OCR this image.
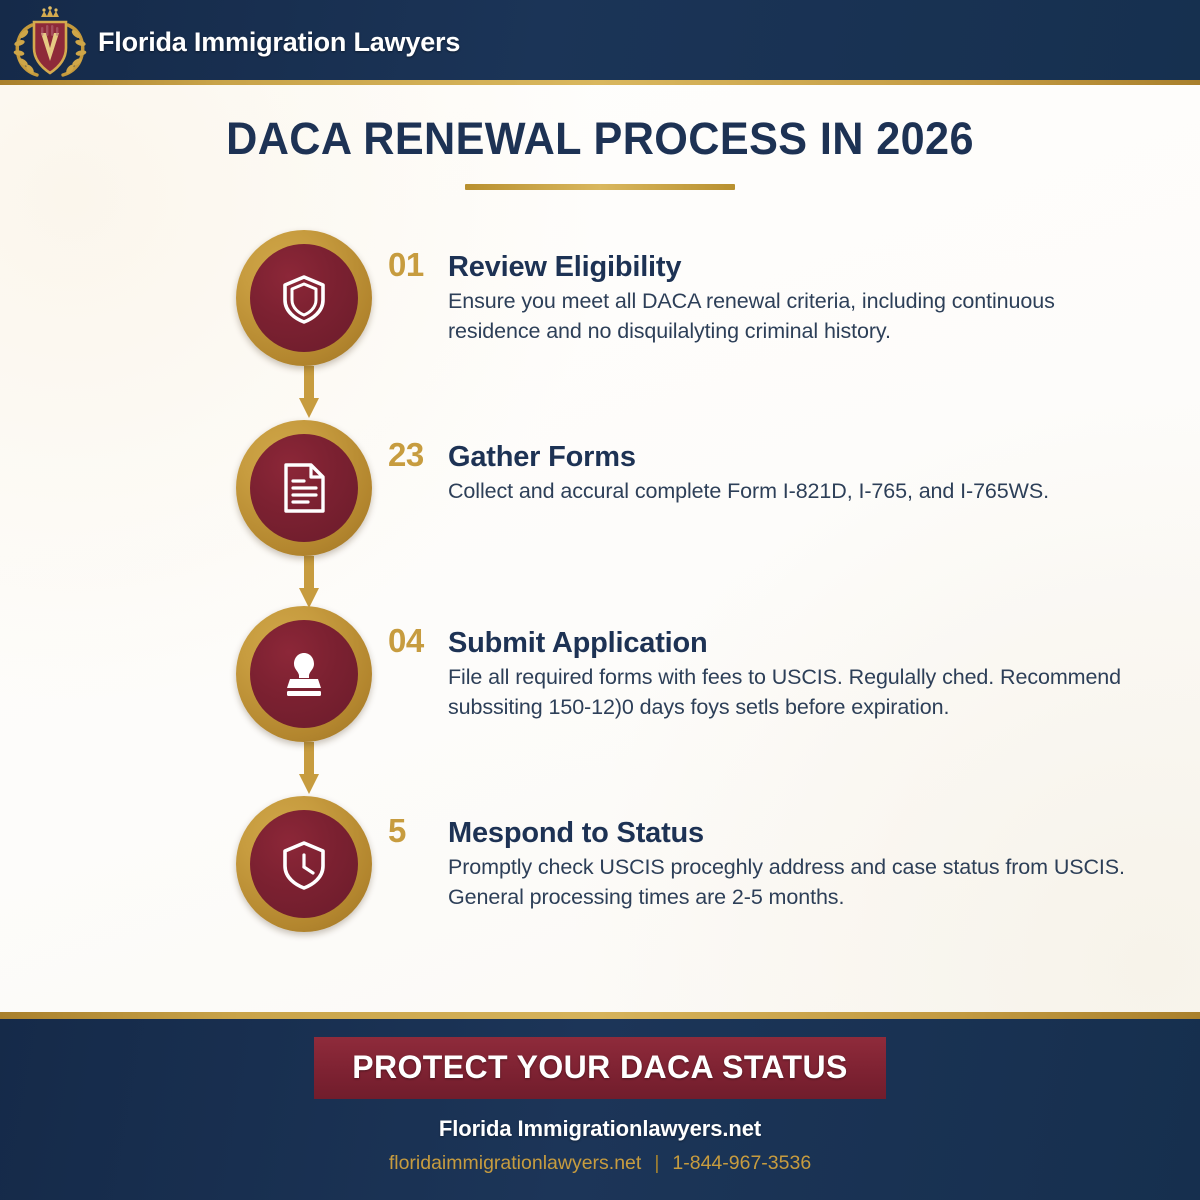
Florida Immigration Lawyers
DACA RENEWAL PROCESS IN 2026
01 Review Eligibility

Ensure you meet all DACA renewal criteria, including continuous residence and no disquilalyting criminal history.

23 Gather Forms

Collect and accural complete Form I-821D, I-765, and I-765WS.

04 Submit Application

File all required forms with fees to USCIS. Regulally ched. Recommend subssiting 150-12)0 days foys setls before expiration.

5	Mespond to Status

Promptly check USCIS proceghly address and case status from USCIS. General processing times are 2-5 months.

PROTECT YOUR DACA STATUS
Florida Immigrationlawyers.net
floridaimmigrationlawyers.net | 1-844-967-3536
